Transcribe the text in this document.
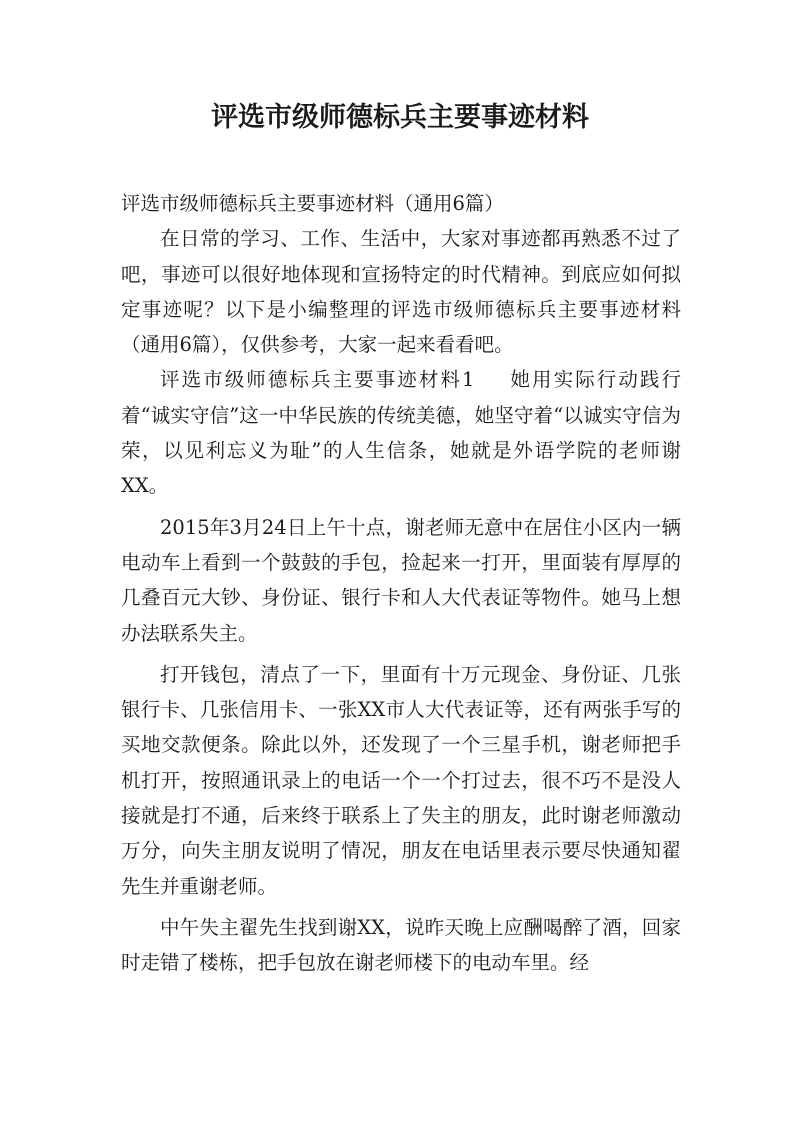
评选市级师德标兵主要事迹材料

评选市级师德标兵主要事迹材料（通用6篇）

在日常的学习、工作、生活中，大家对事迹都再熟悉不过了吧，事迹可以很好地体现和宣扬特定的时代精神。到底应如何拟定事迹呢？以下是小编整理的评选市级师德标兵主要事迹材料（通用6篇），仅供参考，大家一起来看看吧。

评选市级师德标兵主要事迹材料1 她用实际行动践行着“诚实守信”这一中华民族的传统美德，她坚守着“以诚实守信为荣，以见利忘义为耻”的人生信条，她就是外语学院的老师谢XX。

2015年3月24日上午十点，谢老师无意中在居住小区内一辆电动车上看到一个鼓鼓的手包，捡起来一打开，里面装有厚厚的几叠百元大钞、身份证、银行卡和人大代表证等物件。她马上想办法联系失主。

打开钱包，清点了一下，里面有十万元现金、身份证、几张银行卡、几张信用卡、一张XX市人大代表证等，还有两张手写的买地交款便条。除此以外，还发现了一个三星手机，谢老师把手机打开，按照通讯录上的电话一个一个打过去，很不巧不是没人接就是打不通，后来终于联系上了失主的朋友，此时谢老师激动万分，向失主朋友说明了情况，朋友在电话里表示要尽快通知翟先生并重谢老师。

中午失主翟先生找到谢XX，说昨天晚上应酬喝醉了酒，回家时走错了楼栋，把手包放在谢老师楼下的电动车里。经
